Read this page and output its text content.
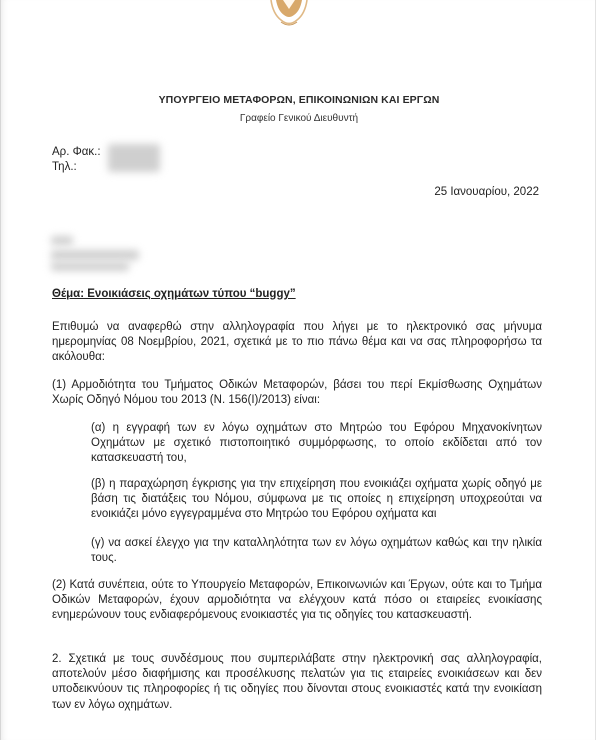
ΥΠΟΥΡΓΕΙΟ ΜΕΤΑΦΟΡΩΝ, ΕΠΙΚΟΙΝΩΝΙΩΝ ΚΑΙ ΕΡΓΩΝ
Γραφείο Γενικού Διευθυντή
Αρ. Φακ.:
Τηλ.:
25 Ιανουαρίου, 2022
Θέμα: Ενοικιάσεις οχημάτων τύπου “buggy”

Επιθυμώ να αναφερθώ στην αλληλογραφία που λήγει με το ηλεκτρονικό σας μήνυμα ημερομηνίας 08 Νοεμβρίου, 2021, σχετικά με το πιο πάνω θέμα και να σας πληροφορήσω τα ακόλουθα:

(1) Αρμοδιότητα του Τμήματος Οδικών Μεταφορών, βάσει του περί Εκμίσθωσης Οχημάτων Χωρίς Οδηγό Νόμου του 2013 (Ν. 156(Ι)/2013) είναι:

(α) η εγγραφή των εν λόγω οχημάτων στο Μητρώο του Εφόρου Μηχανοκίνητων Οχημάτων με σχετικό πιστοποιητικό συμμόρφωσης, το οποίο εκδίδεται από τον κατασκευαστή του,

(β) η παραχώρηση έγκρισης για την επιχείρηση που ενοικιάζει οχήματα χωρίς οδηγό με βάση τις διατάξεις του Νόμου, σύμφωνα με τις οποίες η επιχείρηση υποχρεούται να ενοικιάζει μόνο εγγεγραμμένα στο Μητρώο του Εφόρου οχήματα και

(γ) να ασκεί έλεγχο για την καταλληλότητα των εν λόγω οχημάτων καθώς και την ηλικία τους.

(2) Κατά συνέπεια, ούτε το Υπουργείο Μεταφορών, Επικοινωνιών και Έργων, ούτε και το Τμήμα Οδικών Μεταφορών, έχουν αρμοδιότητα να ελέγχουν κατά πόσο οι εταιρείες ενοικίασης ενημερώνουν τους ενδιαφερόμενους ενοικιαστές για τις οδηγίες του κατασκευαστή.

2. Σχετικά με τους συνδέσμους που συμπεριλάβατε στην ηλεκτρονική σας αλληλογραφία, αποτελούν μέσο διαφήμισης και προσέλκυσης πελατών για τις εταιρείες ενοικιάσεων και δεν υποδεικνύουν τις πληροφορίες ή τις οδηγίες που δίνονται στους ενοικιαστές κατά την ενοικίαση των εν λόγω οχημάτων.
